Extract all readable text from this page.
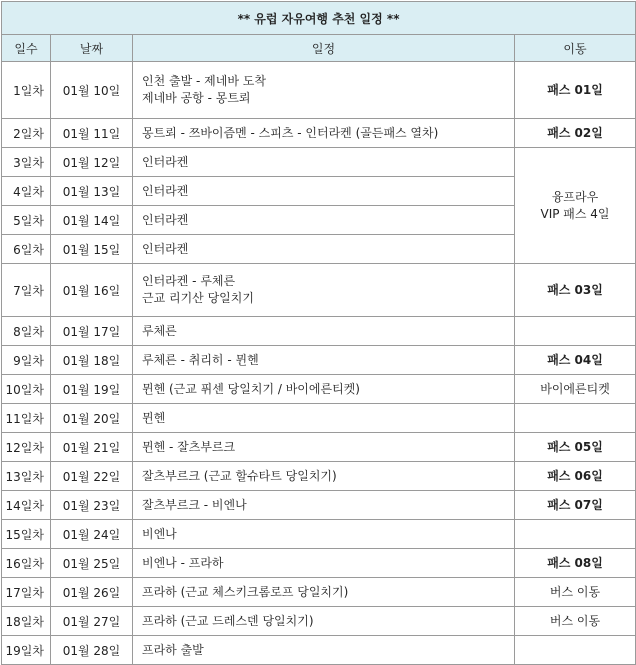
** 유럽 자유여행 추천 일정 **			
일수	날짜	일정	이동
1일차	01월 10일	인천 출발 - 제네바 도착
제네바 공항 - 몽트뢰	패스 01일
2일차	01월 11일	몽트뢰 - 쯔바이즘멘 - 스피츠 - 인터라켄 (골든패스 열차)	패스 02일
3일차	01월 12일	인터라켄	융프라우
VIP 패스 4일
4일차	01월 13일	인터라켄	

5일차	01월 14일	인터라켄	

6일차	01월 15일	인터라켄	

7일차	01월 16일	인터라켄 - 루체른
근교 리기산 당일치기	패스 03일
8일차	01월 17일	루체른	

9일차	01월 18일	루체른 - 취리히 - 뮌헨	패스 04일
10일차	01월 19일	뮌헨 (근교 퓌센 당일치기 / 바이에른티켓)	바이에른티켓
11일차	01월 20일	뮌헨	

12일차	01월 21일	뮌헨 - 잘츠부르크	패스 05일
13일차	01월 22일	잘츠부르크 (근교 할슈타트 당일치기)	패스 06일
14일차	01월 23일	잘츠부르크 - 비엔나	패스 07일
15일차	01월 24일	비엔나	

16일차	01월 25일	비엔나 - 프라하	패스 08일
17일차	01월 26일	프라하 (근교 체스키크롬로프 당일치기)	버스 이동
18일차	01월 27일	프라하 (근교 드레스덴 당일치기)	버스 이동
19일차	01월 28일	프라하 출발	
